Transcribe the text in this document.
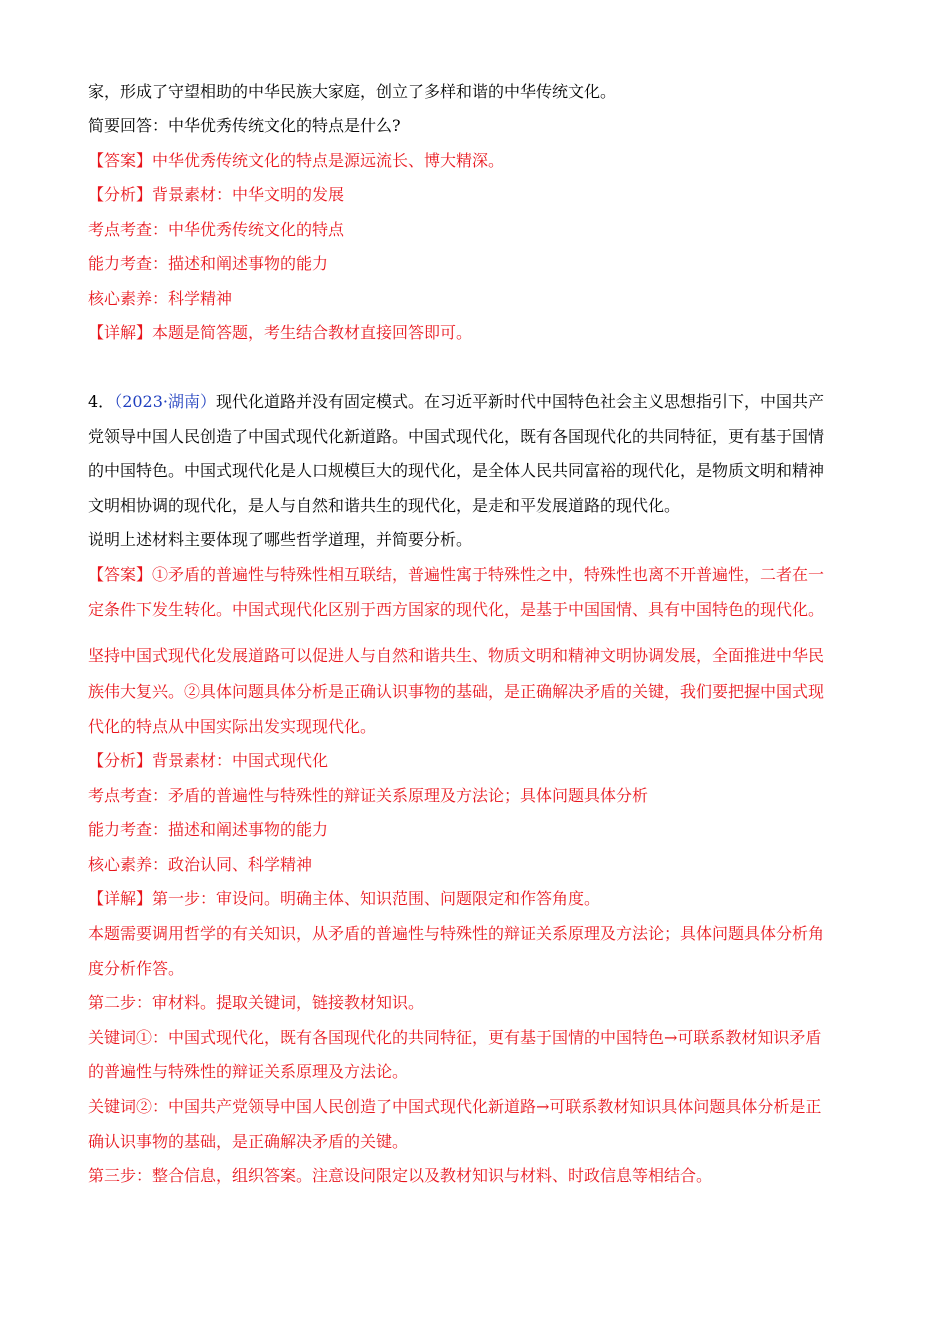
家，形成了守望相助的中华民族大家庭，创立了多样和谐的中华传统文化。
简要回答：中华优秀传统文化的特点是什么?
【答案】中华优秀传统文化的特点是源远流长、博大精深。
【分析】背景素材：中华文明的发展
考点考查：中华优秀传统文化的特点
能力考查：描述和阐述事物的能力
核心素养：科学精神
【详解】本题是简答题，考生结合教材直接回答即可。
4．（2023·湖南）现代化道路并没有固定模式。在习近平新时代中国特色社会主义思想指引下，中国共产
党领导中国人民创造了中国式现代化新道路。中国式现代化，既有各国现代化的共同特征，更有基于国情
的中国特色。中国式现代化是人口规模巨大的现代化，是全体人民共同富裕的现代化，是物质文明和精神
文明相协调的现代化，是人与自然和谐共生的现代化，是走和平发展道路的现代化。
说明上述材料主要体现了哪些哲学道理，并简要分析。
【答案】①矛盾的普遍性与特殊性相互联结，普遍性寓于特殊性之中，特殊性也离不开普遍性，二者在一
定条件下发生转化。中国式现代化区别于西方国家的现代化，是基于中国国情、具有中国特色的现代化。
坚持中国式现代化发展道路可以促进人与自然和谐共生、物质文明和精神文明协调发展，全面推进中华民
族伟大复兴。②具体问题具体分析是正确认识事物的基础，是正确解决矛盾的关键，我们要把握中国式现
代化的特点从中国实际出发实现现代化。
【分析】背景素材：中国式现代化
考点考查：矛盾的普遍性与特殊性的辩证关系原理及方法论；具体问题具体分析
能力考查：描述和阐述事物的能力
核心素养：政治认同、科学精神
【详解】第一步：审设问。明确主体、知识范围、问题限定和作答角度。
本题需要调用哲学的有关知识，从矛盾的普遍性与特殊性的辩证关系原理及方法论；具体问题具体分析角
度分析作答。
第二步：审材料。提取关键词，链接教材知识。
关键词①：中国式现代化，既有各国现代化的共同特征，更有基于国情的中国特色→可联系教材知识矛盾
的普遍性与特殊性的辩证关系原理及方法论。
关键词②：中国共产党领导中国人民创造了中国式现代化新道路→可联系教材知识具体问题具体分析是正
确认识事物的基础，是正确解决矛盾的关键。
第三步：整合信息，组织答案。注意设问限定以及教材知识与材料、时政信息等相结合。
